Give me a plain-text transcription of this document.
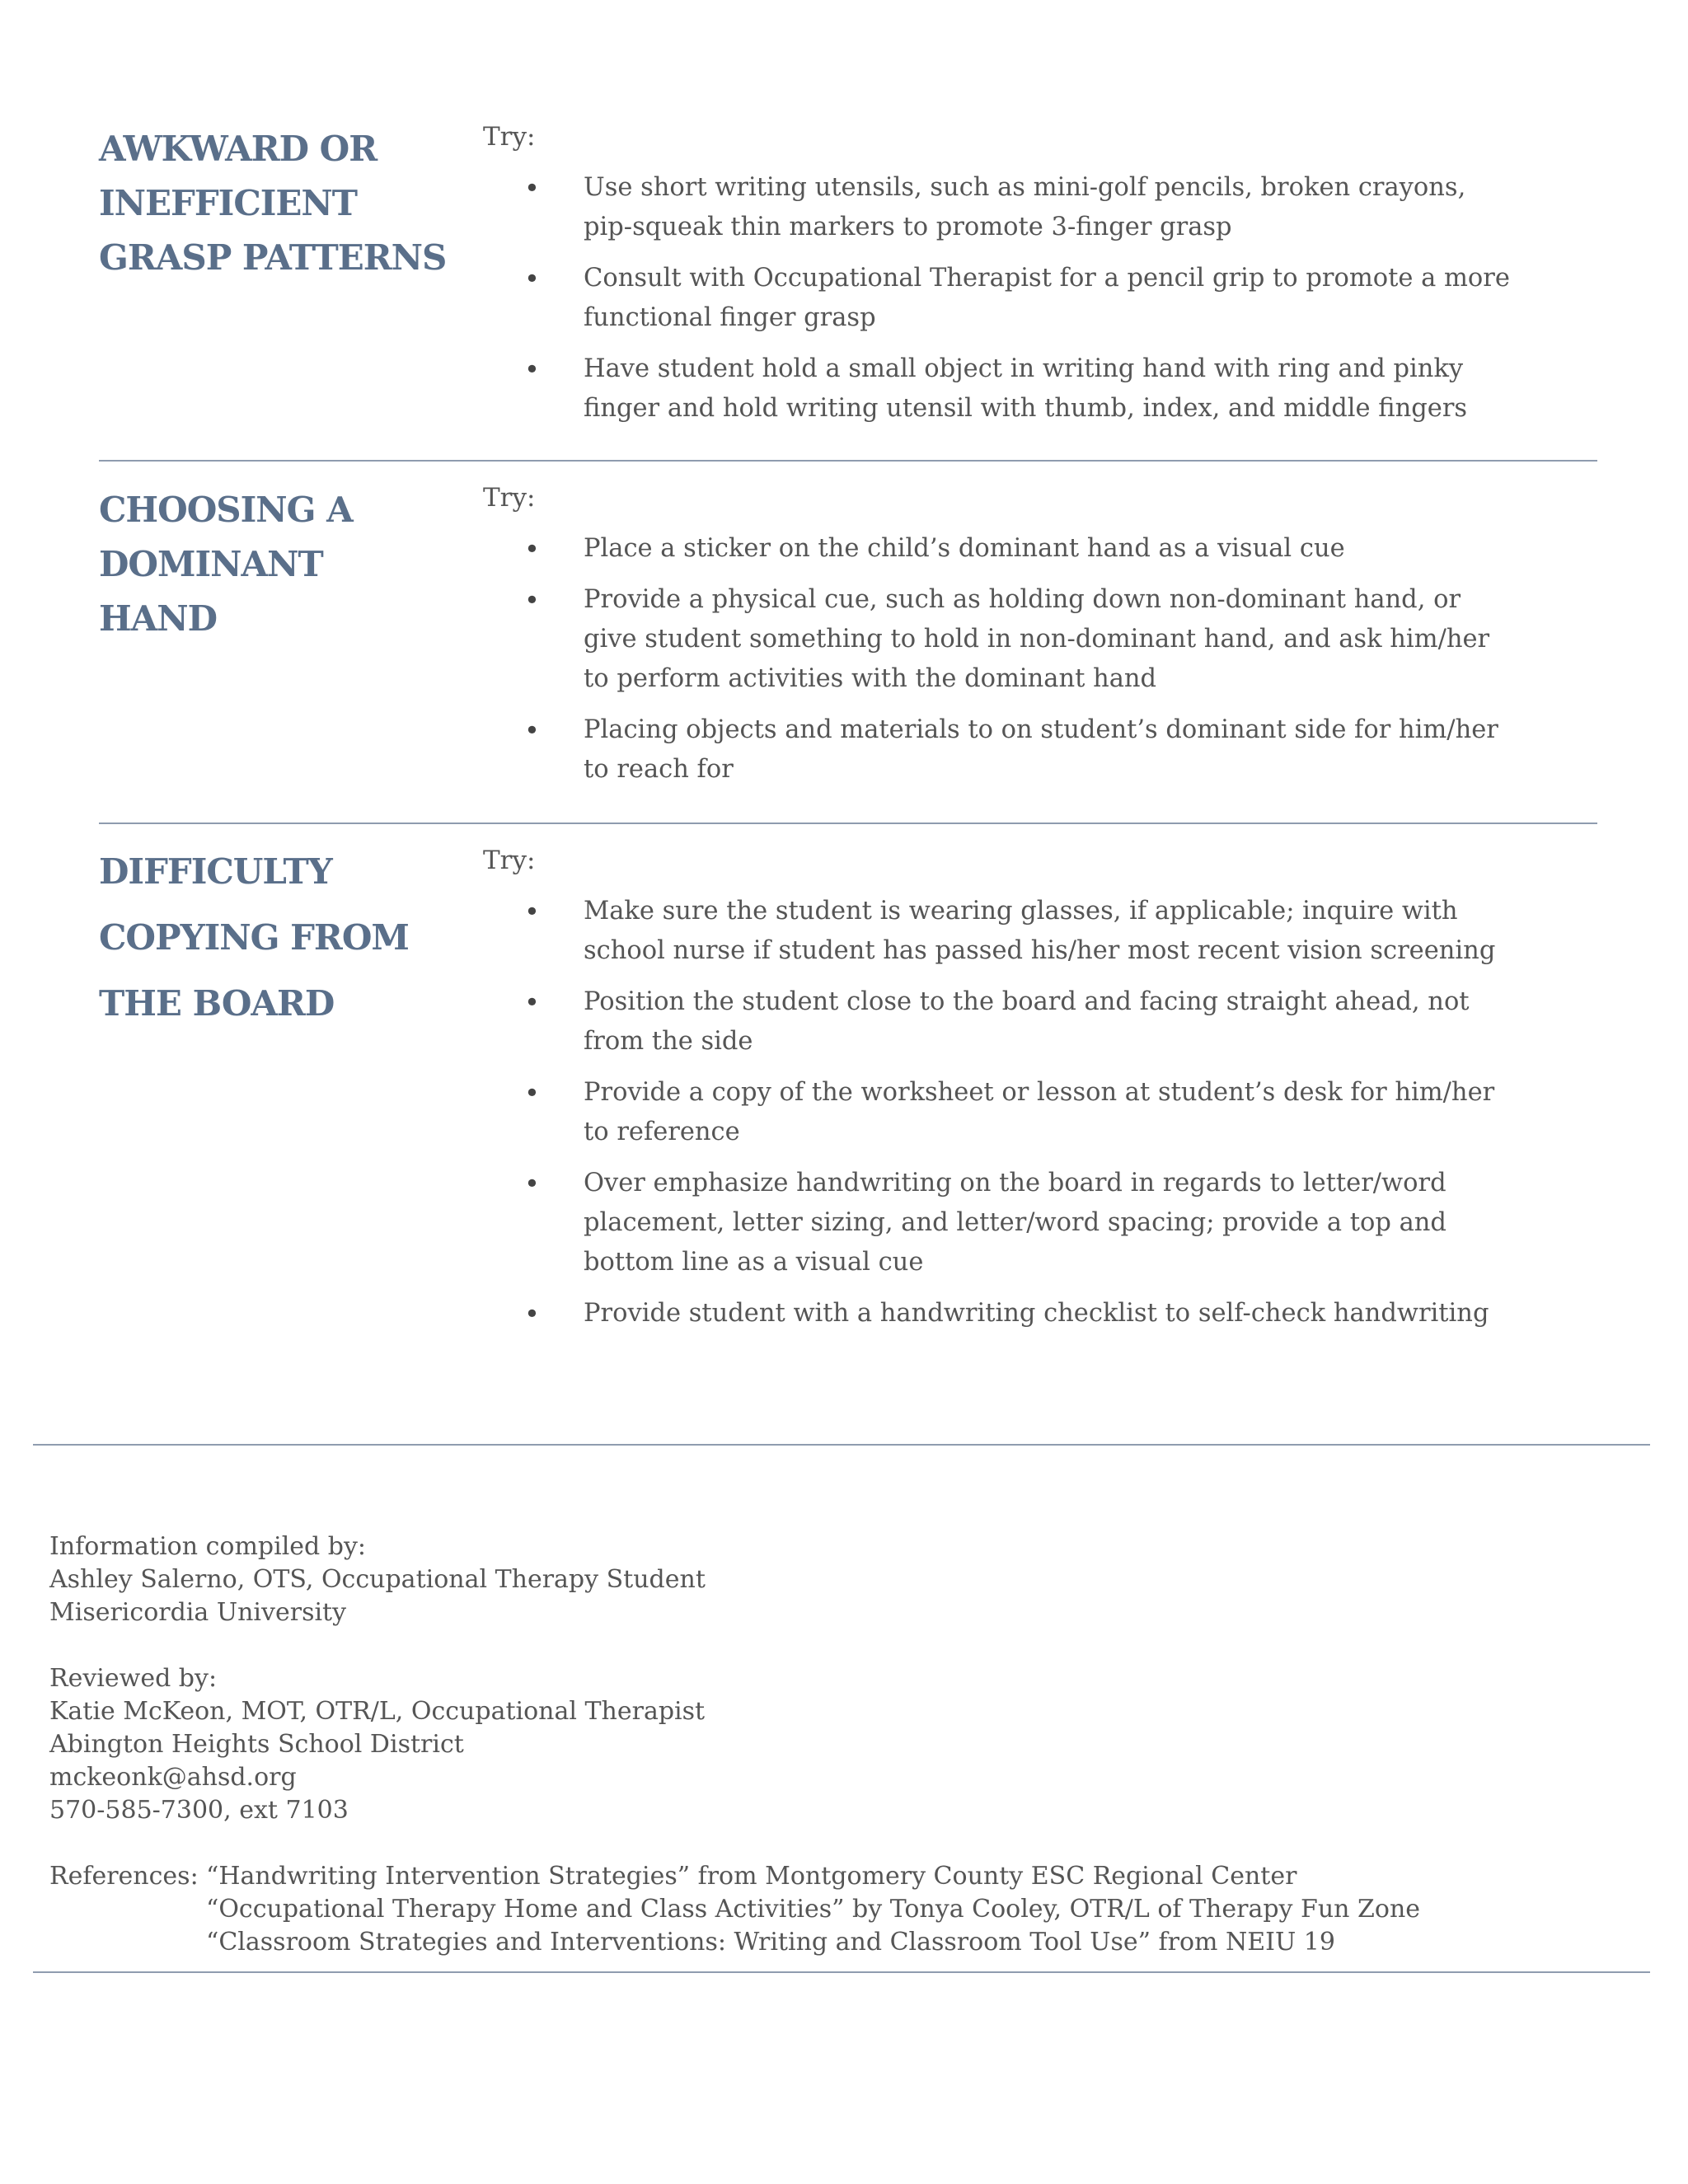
AWKWARD OR
INEFFICIENT
GRASP PATTERNS
Try:
• Use short writing utensils, such as mini-golf pencils, broken crayons, pip-squeak thin markers to promote 3-finger grasp
• Consult with Occupational Therapist for a pencil grip to promote a more functional finger grasp
• Have student hold a small object in writing hand with ring and pinky finger and hold writing utensil with thumb, index, and middle fingers
CHOOSING A
DOMINANT
HAND
Try:
• Place a sticker on the child’s dominant hand as a visual cue
• Provide a physical cue, such as holding down non-dominant hand, or give student something to hold in non-dominant hand, and ask him/her to perform activities with the dominant hand
• Placing objects and materials to on student’s dominant side for him/her to reach for
DIFFICULTY
COPYING FROM
THE BOARD
Try:
• Make sure the student is wearing glasses, if applicable; inquire with school nurse if student has passed his/her most recent vision screening
• Position the student close to the board and facing straight ahead, not from the side
• Provide a copy of the worksheet or lesson at student’s desk for him/her to reference
• Over emphasize handwriting on the board in regards to letter/word placement, letter sizing, and letter/word spacing; provide a top and bottom line as a visual cue
• Provide student with a handwriting checklist to self-check handwriting
Information compiled by:
Ashley Salerno, OTS, Occupational Therapy Student
Misericordia University
Reviewed by:
Katie McKeon, MOT, OTR/L, Occupational Therapist
Abington Heights School District
mckeonk@ahsd.org
570-585-7300, ext 7103
References: “Handwriting Intervention Strategies” from Montgomery County ESC Regional Center
“Occupational Therapy Home and Class Activities” by Tonya Cooley, OTR/L of Therapy Fun Zone
“Classroom Strategies and Interventions: Writing and Classroom Tool Use” from NEIU 19
